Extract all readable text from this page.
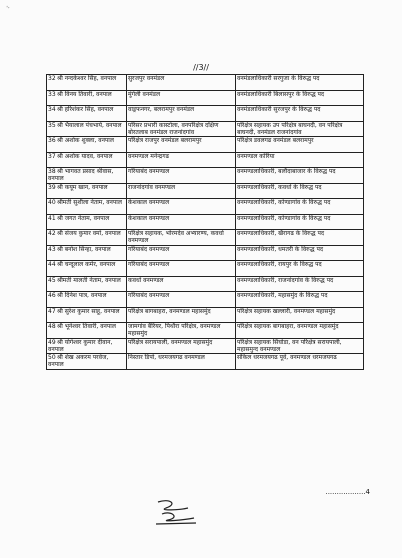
॑′
//3//
32श्री नन्दकेश्वर सिंह, वनपाल	सुरजपुर वनमंडल	वनमंडलाधिकारी सरगुजा के विरुद्ध पद
33श्री विनय तिवारी, वनपाल	मुंगेली वनमंडल	वनमंडलाधिकारी बिलासपुर के विरुद्ध पद
34श्री हरिशंकर सिंह, वनपाल	वाड्रफनगर, बलरामपुर वनमंडल	वनमंडलाधिकारी सुरजपुर के विरुद्ध पद
35श्री भैयालाल पंचभाये, वनपाल	परिसर प्रभारी कास्टोला, वनपरिक्षेत्र दक्षिण बोरतलाब वनमंडल राजनांदगांव	परिक्षेत्र सहायक उप परिक्षेत्र बाघनदी, वन परिक्षेत्र बाघनदी, वनमंडल राजनांदगांव
36श्री अशोक शुक्ला, वनपाल	परिक्षेत्र राजपुर वनमंडल बलरामपुर	परिक्षेत्र डवलगढ वनमंडल बलरामपुर
37श्री अशोक यादव, वनपाल	वनमण्डल मनेन्द्रगढ	वनमण्डल कोरिया
38श्री भागवत प्रसाद श्रीवास, वनपाल	गरियाबंद वनमण्डल	वनमण्डलाधिकारी, बलौदाबाजार के विरुद्ध पद
39श्री कयूम खान, वनपाल	राजनांदगांव वनमण्डल	वनमण्डलाधिकारी, कवर्धा के विरुद्ध पद
40श्रीमती सुशीला नेताम, वनपाल	केशकाल वनमण्डल	वनमण्डलाधिकारी, कोण्डागांव के विरुद्ध पद
41श्री जगत नेताम, वनपाल	केशकाल वनमण्डल	वनमण्डलाधिकारी, कोण्डागांव के विरुद्ध पद
42श्री संजय कुमार वर्मा, वनपाल	परिक्षेत्र सहायक, भोरमदेव अभ्यारण्य, कवर्धा वनमण्डल	वनमण्डलाधिकारी, खैरागढ के विरुद्ध पद
43श्री बनोश सिन्हा, वनपाल	गरियाबंद वनमण्डल	वनमण्डलाधिकारी, धमतरी के विरुद्ध पद
44श्री चन्दूलाल कमेर, वनपाल	गरियाबंद वनमण्डल	वनमण्डलाधिकारी, रायपुर के विरुद्ध पद
45श्रीमती मालती नेताम, वनपाल	कवर्धा वनमण्डल	वनमण्डलाधिकारी, राजनांदगांव के विरुद्ध पद
46श्री दिनेश पात्र, वनपाल	गरियाबंद वनमण्डल	वनमण्डलाधिकारी, महासमुंद के विरुद्ध पद
47श्री सुरेश कुमार साहू, वनपाल	परिक्षेत्र बागबाहरा, वनमण्डल महासमुंद	परिक्षेत्र सहायक खल्लारी, वनमण्डल महासमुंद
48श्री भूनेश्वर तिवारी, वनपाल	जामगांव बैरियर, पिथौरा परिक्षेत्र, वनमण्डल महासमुंद	परिक्षेत्र सहायक बागबाहरा, वनमण्डल महासमुंद
49श्री योगेश्वर कुमार दीवान, वनपाल	परिक्षेत्र सरायपाली, वनमण्डल महासमुंद	परिक्षेत्र सहायक सिंघोडा, वन परिक्षेत्र सरायपाली, महासमुन्द वनमण्डल
50श्री शेख अकरम परवेज, वनपाल	निस्तार डिपो, धरमजयगढ वनमण्डल	संकिल धरमजयगढ पूर्व, वनमण्डल धरमजयगढ
..................4
